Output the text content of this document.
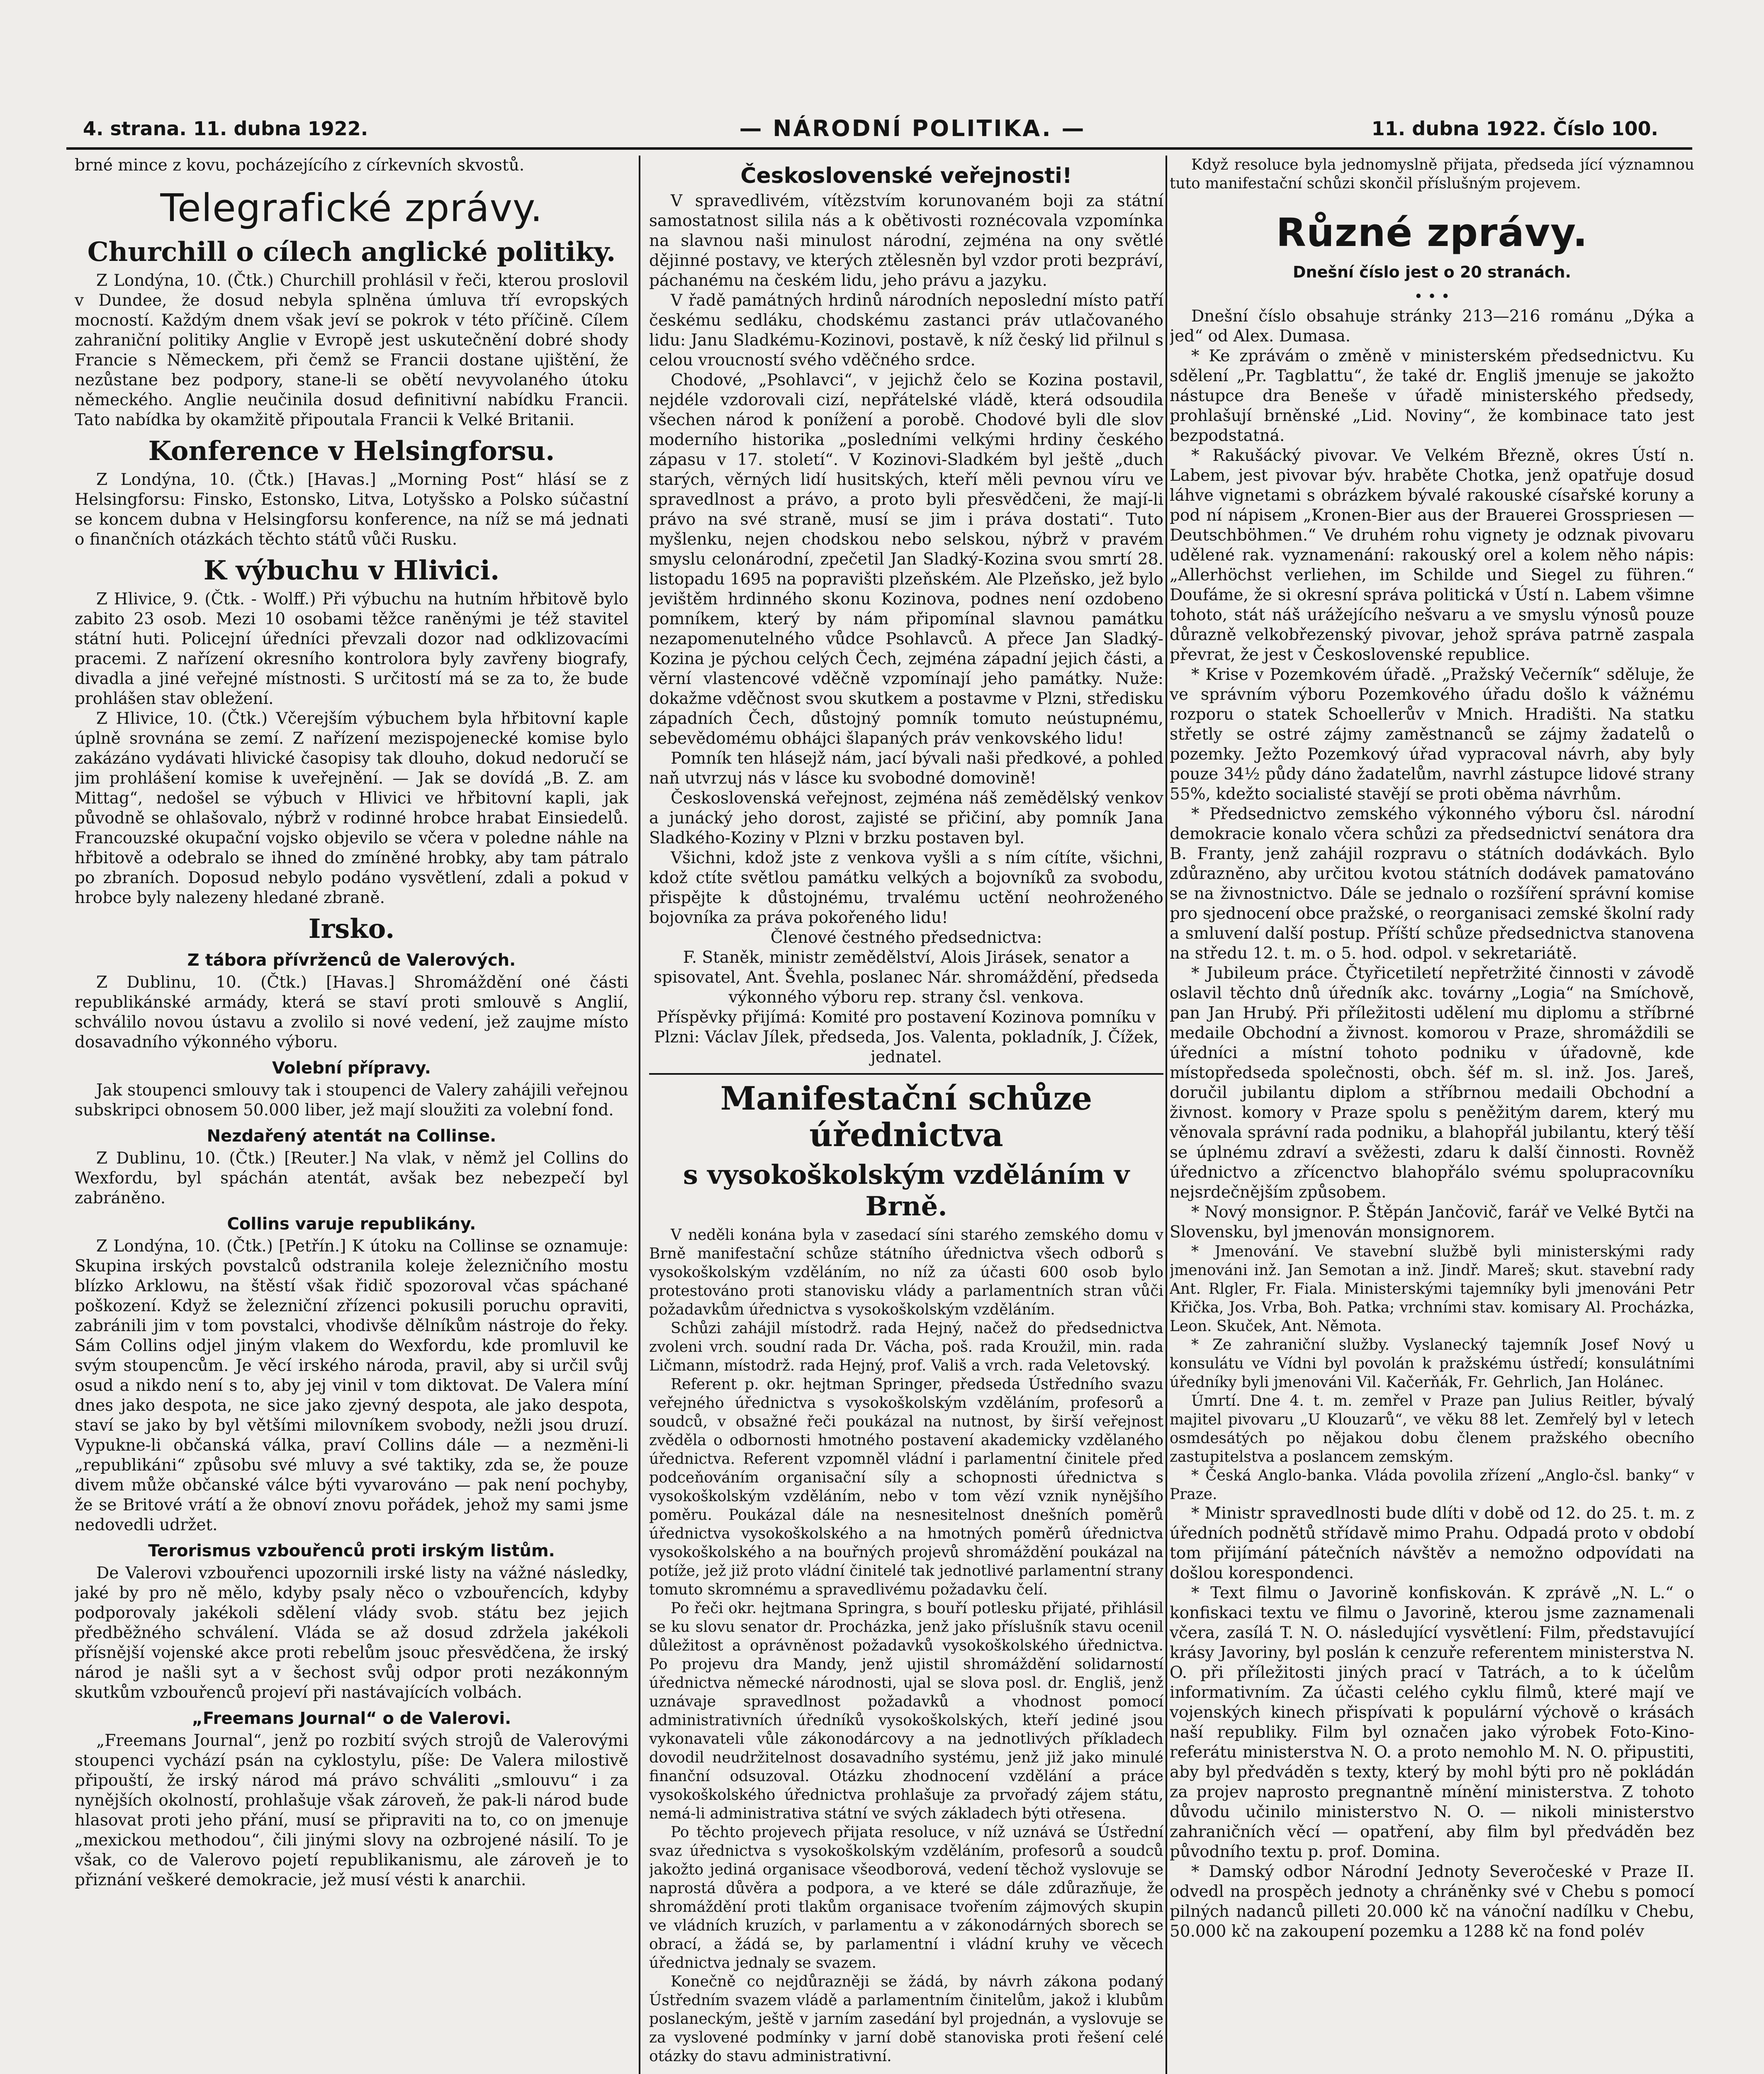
4. strana. 11. dubna 1922.	— NÁRODNÍ POLITIKA. —	11. dubna 1922. Číslo 100.

brné mince z kovu, pocházejícího z církevních skvostů.

Telegrafické zprávy.
Churchill o cílech anglické politiky.

Z Londýna, 10. (Čtk.) Churchill prohlásil v řeči, kterou proslovil v Dundee, že dosud nebyla splněna úmluva tří evropských mocností. Každým dnem však jeví se pokrok v této příčině. Cílem zahraniční politiky Anglie v Evropě jest uskutečnění dobré shody Francie s Německem, při čemž se Francii dostane ujištění, že nezůstane bez podpory, stane-li se obětí nevyvolaného útoku německého. Anglie neučinila dosud definitivní nabídku Francii. Tato nabídka by okamžitě připoutala Francii k Velké Britanii.

Konference v Helsingforsu.

Z Londýna, 10. (Čtk.) [Havas.] „Morning Post“ hlásí se z Helsingforsu: Finsko, Estonsko, Litva, Lotyšsko a Polsko súčastní se koncem dubna v Helsingforsu konference, na níž se má jednati o finančních otázkách těchto států vůči Rusku.

K výbuchu v Hlivici.

Z Hlivice, 9. (Čtk. - Wolff.) Při výbuchu na hutním hřbitově bylo zabito 23 osob. Mezi 10 osobami těžce raněnými je též stavitel státní huti. Policejní úředníci převzali dozor nad odklizovacími pracemi. Z nařízení okresního kontrolora byly zavřeny biografy, divadla a jiné veřejné místnosti. S určitostí má se za to, že bude prohlášen stav obležení.

Z Hlivice, 10. (Čtk.) Včerejším výbuchem byla hřbitovní kaple úplně srovnána se zemí. Z nařízení mezispojenecké komise bylo zakázáno vydávati hlivické časopisy tak dlouho, dokud nedoručí se jim prohlášení komise k uveřejnění. — Jak se dovídá „B. Z. am Mittag“, nedošel se výbuch v Hlivici ve hřbitovní kapli, jak původně se ohlašovalo, nýbrž v rodinné hrobce hrabat Einsiedelů. Francouzské okupační vojsko objevilo se včera v poledne náhle na hřbitově a odebralo se ihned do zmíněné hrobky, aby tam pátralo po zbraních. Doposud nebylo podáno vysvětlení, zdali a pokud v hrobce byly nalezeny hledané zbraně.

Irsko.
Z tábora přívrženců de Valerových.

Z Dublinu, 10. (Čtk.) [Havas.] Shromáždění oné části republikánské armády, která se staví proti smlouvě s Anglií, schválilo novou ústavu a zvolilo si nové vedení, jež zaujme místo dosavadního výkonného výboru.

Volební přípravy.

Jak stoupenci smlouvy tak i stoupenci de Valery zahájili veřejnou subskripci obnosem 50.000 liber, jež mají sloužiti za volební fond.

Nezdařený atentát na Collinse.

Z Dublinu, 10. (Čtk.) [Reuter.] Na vlak, v němž jel Collins do Wexfordu, byl spáchán atentát, avšak bez nebezpečí byl zabráněno.

Collins varuje republikány.

Z Londýna, 10. (Čtk.) [Petřín.] K útoku na Collinse se oznamuje: Skupina irských povstalců odstranila koleje železničního mostu blízko Arklowu, na štěstí však řidič spozoroval včas spáchané poškození. Když se železniční zřízenci pokusili poruchu opraviti, zabránili jim v tom povstalci, vhodivše dělníkům nástroje do řeky. Sám Collins odjel jiným vlakem do Wexfordu, kde promluvil ke svým stoupencům. Je věcí irského národa, pravil, aby si určil svůj osud a nikdo není s to, aby jej vinil v tom diktovat. De Valera míní dnes jako despota, ne sice jako zjevný despota, ale jako despota, staví se jako by byl většími milovníkem svobody, nežli jsou druzí. Vypukne-li občanská válka, praví Collins dále — a nezměni-li „republikáni“ způsobu své mluvy a své taktiky, zda se, že pouze divem může občanské válce býti vyvarováno — pak není pochyby, že se Britové vrátí a že obnoví znovu pořádek, jehož my sami jsme nedovedli udržet.

Terorismus vzbouřenců proti irským listům.

De Valerovi vzbouřenci upozornili irské listy na vážné následky, jaké by pro ně mělo, kdyby psaly něco o vzbouřencích, kdyby podporovaly jakékoli sdělení vlády svob. státu bez jejich předběžného schválení. Vláda se až dosud zdržela jakékoli přísnější vojenské akce proti rebelům jsouc přesvědčena, že irský národ je našli syt a v šechost svůj odpor proti nezákonným skutkům vzbouřenců projeví při nastávajících volbách.

„Freemans Journal“ o de Valerovi.

„Freemans Journal“, jenž po rozbití svých strojů de Valerovými stoupenci vychází psán na cyklostylu, píše: De Valera milostivě připouští, že irský národ má právo schváliti „smlouvu“ i za nynějších okolností, prohlašuje však zároveň, že pak-li národ bude hlasovat proti jeho přání, musí se připraviti na to, co on jmenuje „mexickou methodou“, čili jinými slovy na ozbrojené násilí. To je však, co de Valerovo pojetí republikanismu, ale zároveň je to přiznání veškeré demokracie, jež musí vésti k anarchii.

Československé veřejnosti!

V spravedlivém, vítězstvím korunovaném boji za státní samostatnost silila nás a k obětivosti roznécovala vzpomínka na slavnou naši minulost národní, zejména na ony světlé dějinné postavy, ve kterých ztělesněn byl vzdor proti bezpráví, páchanému na českém lidu, jeho právu a jazyku.

V řadě památných hrdinů národních neposlední místo patří českému sedláku, chodskému zastanci práv utlačovaného lidu: Janu Sladkému-Kozinovi, postavě, k níž český lid přilnul s celou vroucností svého vděčného srdce.

Chodové, „Psohlavci“, v jejichž čelo se Kozina postavil, nejdéle vzdorovali cizí, nepřátelské vládě, která odsoudila všechen národ k ponížení a porobě. Chodové byli dle slov moderního historika „posledními velkými hrdiny českého zápasu v 17. století“. V Kozinovi-Sladkém byl ještě „duch starých, věrných lidí husitských, kteří měli pevnou víru ve spravedlnost a právo, a proto byli přesvědčeni, že mají-li právo na své straně, musí se jim i práva dostati“. Tuto myšlenku, nejen chodskou nebo selskou, nýbrž v pravém smyslu celonárodní, zpečetil Jan Sladký-Kozina svou smrtí 28. listopadu 1695 na popravišti plzeňském. Ale Plzeňsko, jež bylo jevištěm hrdinného skonu Kozinova, podnes není ozdobeno pomníkem, který by nám připomínal slavnou památku nezapomenutelného vůdce Psohlavců. A přece Jan Sladký-Kozina je pýchou celých Čech, zejména západní jejich části, a věrní vlastencové vděčně vzpomínají jeho památky. Nuže: dokažme vděčnost svou skutkem a postavme v Plzni, středisku západních Čech, důstojný pomník tomuto neústupnému, sebevědomému obhájci šlapaných práv venkovského lidu!

Pomník ten hlásejž nám, jací bývali naši předkové, a pohled naň utvrzuj nás v lásce ku svobodné domovině!

Československá veřejnost, zejména náš zemědělský venkov a junácký jeho dorost, zajisté se přičiní, aby pomník Jana Sladkého-Koziny v Plzni v brzku postaven byl.

Všichni, kdož jste z venkova vyšli a s ním cítíte, všichni, kdož ctíte světlou památku velkých a bojovníků za svobodu, přispějte k důstojnému, trvalému uctění neohroženého bojovníka za práva pokořeného lidu!

Členové čestného předsednictva:

F. Staněk, ministr zemědělství, Alois Jirásek, senator a spisovatel, Ant. Švehla, poslanec Nár. shromáždění, předseda výkonného výboru rep. strany čsl. venkova.

Příspěvky přijímá: Komité pro postavení Kozinova pomníku v Plzni: Václav Jílek, předseda, Jos. Valenta, pokladník, J. Čížek, jednatel.

Manifestační schůze úřednictva
s vysokoškolským vzděláním v Brně.

V neděli konána byla v zasedací síni starého zemského domu v Brně manifestační schůze státního úřednictva všech odborů s vysokoškolským vzděláním, no níž za účasti 600 osob bylo protestováno proti stanovisku vlády a parlamentních stran vůči požadavkům úřednictva s vysokoškolským vzděláním.

Schůzi zahájil místodrž. rada Hejný, načež do předsednictva zvoleni vrch. soudní rada Dr. Vácha, poš. rada Kroužil, min. rada Ličmann, místodrž. rada Hejný, prof. Vališ a vrch. rada Veletovský.

Referent p. okr. hejtman Springer, předseda Ústředního svazu veřejného úřednictva s vysokoškolským vzděláním, profesorů a soudců, v obsažné řeči poukázal na nutnost, by širší veřejnost zvěděla o odbornosti hmotného postavení akademicky vzdělaného úřednictva. Referent vzpomněl vládní i parlamentní činitele před podceňováním organisační síly a schopnosti úřednictva s vysokoškolským vzděláním, nebo v tom vězí vznik nynějšího poměru. Poukázal dále na nesnesitelnost dnešních poměrů úřednictva vysokoškolského a na hmotných poměrů úřednictva vysokoškolského a na bouřných projevů shromáždění poukázal na potíže, jež již proto vládní činitelé tak jednotlivé parlamentní strany tomuto skromnému a spravedlivému požadavku čelí.

Po řeči okr. hejtmana Springra, s bouří potlesku přijaté, přihlásil se ku slovu senator dr. Procházka, jenž jako příslušník stavu ocenil důležitost a oprávněnost požadavků vysokoškolského úřednictva. Po projevu dra Mandy, jenž ujistil shromáždění solidarností úřednictva německé národnosti, ujal se slova posl. dr. Engliš, jenž uznávaje spravedlnost požadavků a vhodnost pomocí administrativních úředníků vysokoškolských, kteří jediné jsou vykonavateli vůle zákonodárcovy a na jednotlivých příkladech dovodil neudržitelnost dosavadního systému, jenž již jako minulé finanční odsuzoval. Otázku zhodnocení vzdělání a práce vysokoškolského úřednictva prohlašuje za prvořadý zájem státu, nemá-li administrativa státní ve svých základech býti otřesena.

Po těchto projevech přijata resoluce, v níž uznává se Ústřední svaz úřednictva s vysokoškolským vzděláním, profesorů a soudců jakožto jediná organisace všeodborová, vedení těchož vyslovuje se naprostá důvěra a podpora, a ve které se dále zdůrazňuje, že shromáždění proti tlakům organisace tvořením zájmových skupin ve vládních kruzích, v parlamentu a v zákonodárných sborech se obrací, a žádá se, by parlamentní i vládní kruhy ve věcech úřednictva jednaly se svazem.

Konečně co nejdůrazněji se žádá, by návrh zákona podaný Ústředním svazem vládě a parlamentním činitelům, jakož i klubům poslaneckým, ještě v jarním zasedání byl projednán, a vyslovuje se za vyslovené podmínky v jarní době stanoviska proti řešení celé otázky do stavu administrativní.

Když resoluce byla jednomyslně přijata, předseda jící významnou tuto manifestační schůzi skončil příslušným projevem.

Různé zprávy.
Dnešní číslo jest o 20 stranách.
• • •

Dnešní číslo obsahuje stránky 213—216 románu „Dýka a jed“ od Alex. Dumasa.

* Ke zprávám o změně v ministerském předsednictvu. Ku sdělení „Pr. Tagblattu“, že také dr. Engliš jmenuje se jakožto nástupce dra Beneše v úřadě ministerského předsedy, prohlašují brněnské „Lid. Noviny“, že kombinace tato jest bezpodstatná.

* Rakušácký pivovar. Ve Velkém Březně, okres Ústí n. Labem, jest pivovar býv. hraběte Chotka, jenž opatřuje dosud láhve vignetami s obrázkem bývalé rakouské císařské koruny a pod ní nápisem „Kronen-Bier aus der Brauerei Grosspriesen — Deutschböhmen.“ Ve druhém rohu vignety je odznak pivovaru udělené rak. vyznamenání: rakouský orel a kolem něho nápis: „Allerhöchst verliehen, im Schilde und Siegel zu führen.“ Doufáme, že si okresní správa politická v Ústí n. Labem všimne tohoto, stát náš urážejícího nešvaru a ve smyslu výnosů pouze důrazně velkobřezenský pivovar, jehož správa patrně zaspala převrat, že jest v Československé republice.

* Krise v Pozemkovém úřadě. „Pražský Večerník“ sděluje, že ve správním výboru Pozemkového úřadu došlo k vážnému rozporu o statek Schoellerův v Mnich. Hradišti. Na statku střetly se ostré zájmy zaměstnanců se zájmy žadatelů o pozemky. Ježto Pozemkový úřad vypracoval návrh, aby byly pouze 34½ půdy dáno žadatelům, navrhl zástupce lidové strany 55%, kdežto socialisté stavějí se proti oběma návrhům.

* Předsednictvo zemského výkonného výboru čsl. národní demokracie konalo včera schůzi za předsednictví senátora dra B. Franty, jenž zahájil rozpravu o státních dodávkách. Bylo zdůrazněno, aby určitou kvotou státních dodávek pamatováno se na živnostnictvo. Dále se jednalo o rozšíření správní komise pro sjednocení obce pražské, o reorganisaci zemské školní rady a smluvení další postup. Příští schůze předsednictva stanovena na středu 12. t. m. o 5. hod. odpol. v sekretariátě.

* Jubileum práce. Čtyřicetiletí nepřetržité činnosti v závodě oslavil těchto dnů úředník akc. továrny „Logia“ na Smíchově, pan Jan Hrubý. Při příležitosti udělení mu diplomu a stříbrné medaile Obchodní a živnost. komorou v Praze, shromáždili se úředníci a místní tohoto podniku v úřadovně, kde místopředseda společnosti, obch. šéf m. sl. inž. Jos. Jareš, doručil jubilantu diplom a stříbrnou medaili Obchodní a živnost. komory v Praze spolu s peněžitým darem, který mu věnovala správní rada podniku, a blahopřál jubilantu, který těší se úplnému zdraví a svěžesti, zdaru k další činnosti. Rovněž úřednictvo a zřícenctvo blahopřálo svému spolupracovníku nejsrdečnějším způsobem.

* Nový monsignor. P. Štěpán Jančovič, farář ve Velké Bytči na Slovensku, byl jmenován monsignorem.

* Jmenování. Ve stavební službě byli ministerskými rady jmenováni inž. Jan Semotan a inž. Jindř. Mareš; skut. stavební rady Ant. Rlgler, Fr. Fiala. Ministerskými tajemníky byli jmenováni Petr Křička, Jos. Vrba, Boh. Patka; vrchními stav. komisary Al. Procházka, Leon. Skuček, Ant. Němota.

* Ze zahraniční služby. Vyslanecký tajemník Josef Nový u konsulátu ve Vídni byl povolán k pražskému ústředí; konsulátními úředníky byli jmenováni Vil. Kačerňák, Fr. Gehrlich, Jan Holánec.

Úmrtí. Dne 4. t. m. zemřel v Praze pan Julius Reitler, bývalý majitel pivovaru „U Klouzarů“, ve věku 88 let. Zemřelý byl v letech osmdesátých po nějakou dobu členem pražského obecního zastupitelstva a poslancem zemským.

* Česká Anglo-banka. Vláda povolila zřízení „Anglo-čsl. banky“ v Praze.

* Ministr spravedlnosti bude dlíti v době od 12. do 25. t. m. z úředních podnětů střídavě mimo Prahu. Odpadá proto v období tom přijímání pátečních návštěv a nemožno odpovídati na došlou korespondenci.

* Text filmu o Javorině konfiskován. K zprávě „N. L.“ o konfiskaci textu ve filmu o Javorině, kterou jsme zaznamenali včera, zasílá T. N. O. následující vysvětlení: Film, představující krásy Javoriny, byl poslán k cenzuře referentem ministerstva N. O. při příležitosti jiných prací v Tatrách, a to k účelům informativním. Za účasti celého cyklu filmů, které mají ve vojenských kinech přispívati k populární výchově o krásách naší republiky. Film byl označen jako výrobek Foto-Kino-referátu ministerstva N. O. a proto nemohlo M. N. O. připustiti, aby byl předváděn s texty, který by mohl býti pro ně pokládán za projev naprosto pregnantně mínění ministerstva. Z tohoto důvodu učinilo ministerstvo N. O. — nikoli ministerstvo zahraničních věcí — opatření, aby film byl předváděn bez původního textu p. prof. Domina.

* Damský odbor Národní Jednoty Severočeské v Praze II. odvedl na prospěch jednoty a chráněnky své v Chebu s pomocí pilných nadanců pilleti 20.000 kč na vánoční nadílku v Chebu, 50.000 kč na zakoupení pozemku a 1288 kč na fond polév
